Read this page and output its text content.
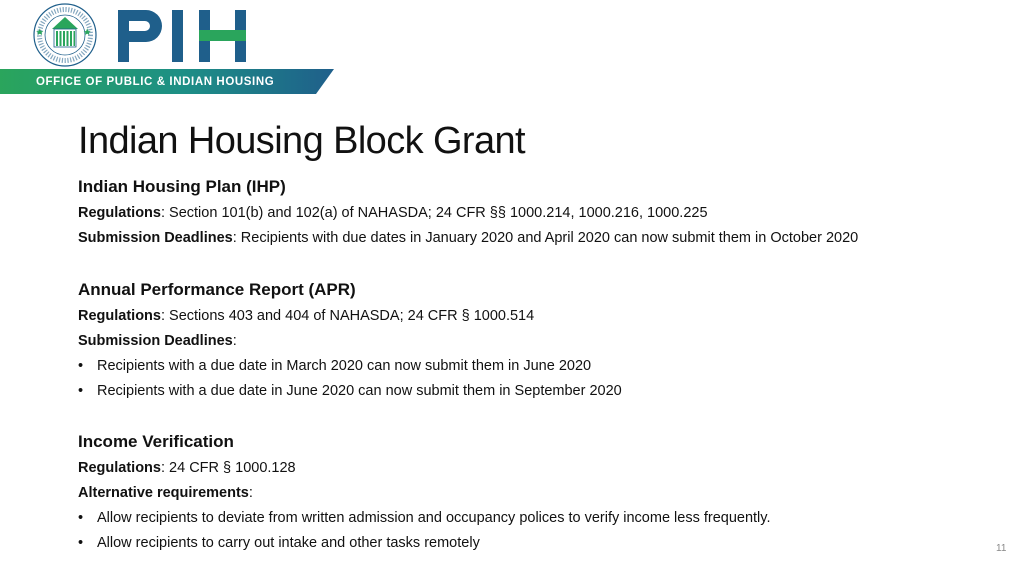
OFFICE OF PUBLIC & INDIAN HOUSING
Indian Housing Block Grant
Indian Housing Plan (IHP)
Regulations: Section 101(b) and 102(a) of NAHASDA; 24 CFR §§ 1000.214, 1000.216, 1000.225
Submission Deadlines: Recipients with due dates in January 2020 and April 2020 can now submit them in October 2020
Annual Performance Report (APR)
Regulations: Sections 403 and 404 of NAHASDA; 24 CFR § 1000.514
Submission Deadlines:
• Recipients with a due date in March 2020 can now submit them in June 2020
• Recipients with a due date in June 2020 can now submit them in September 2020
Income Verification
Regulations: 24 CFR § 1000.128
Alternative requirements:
• Allow recipients to deviate from written admission and occupancy polices to verify income less frequently.
• Allow recipients to carry out intake and other tasks remotely	11
